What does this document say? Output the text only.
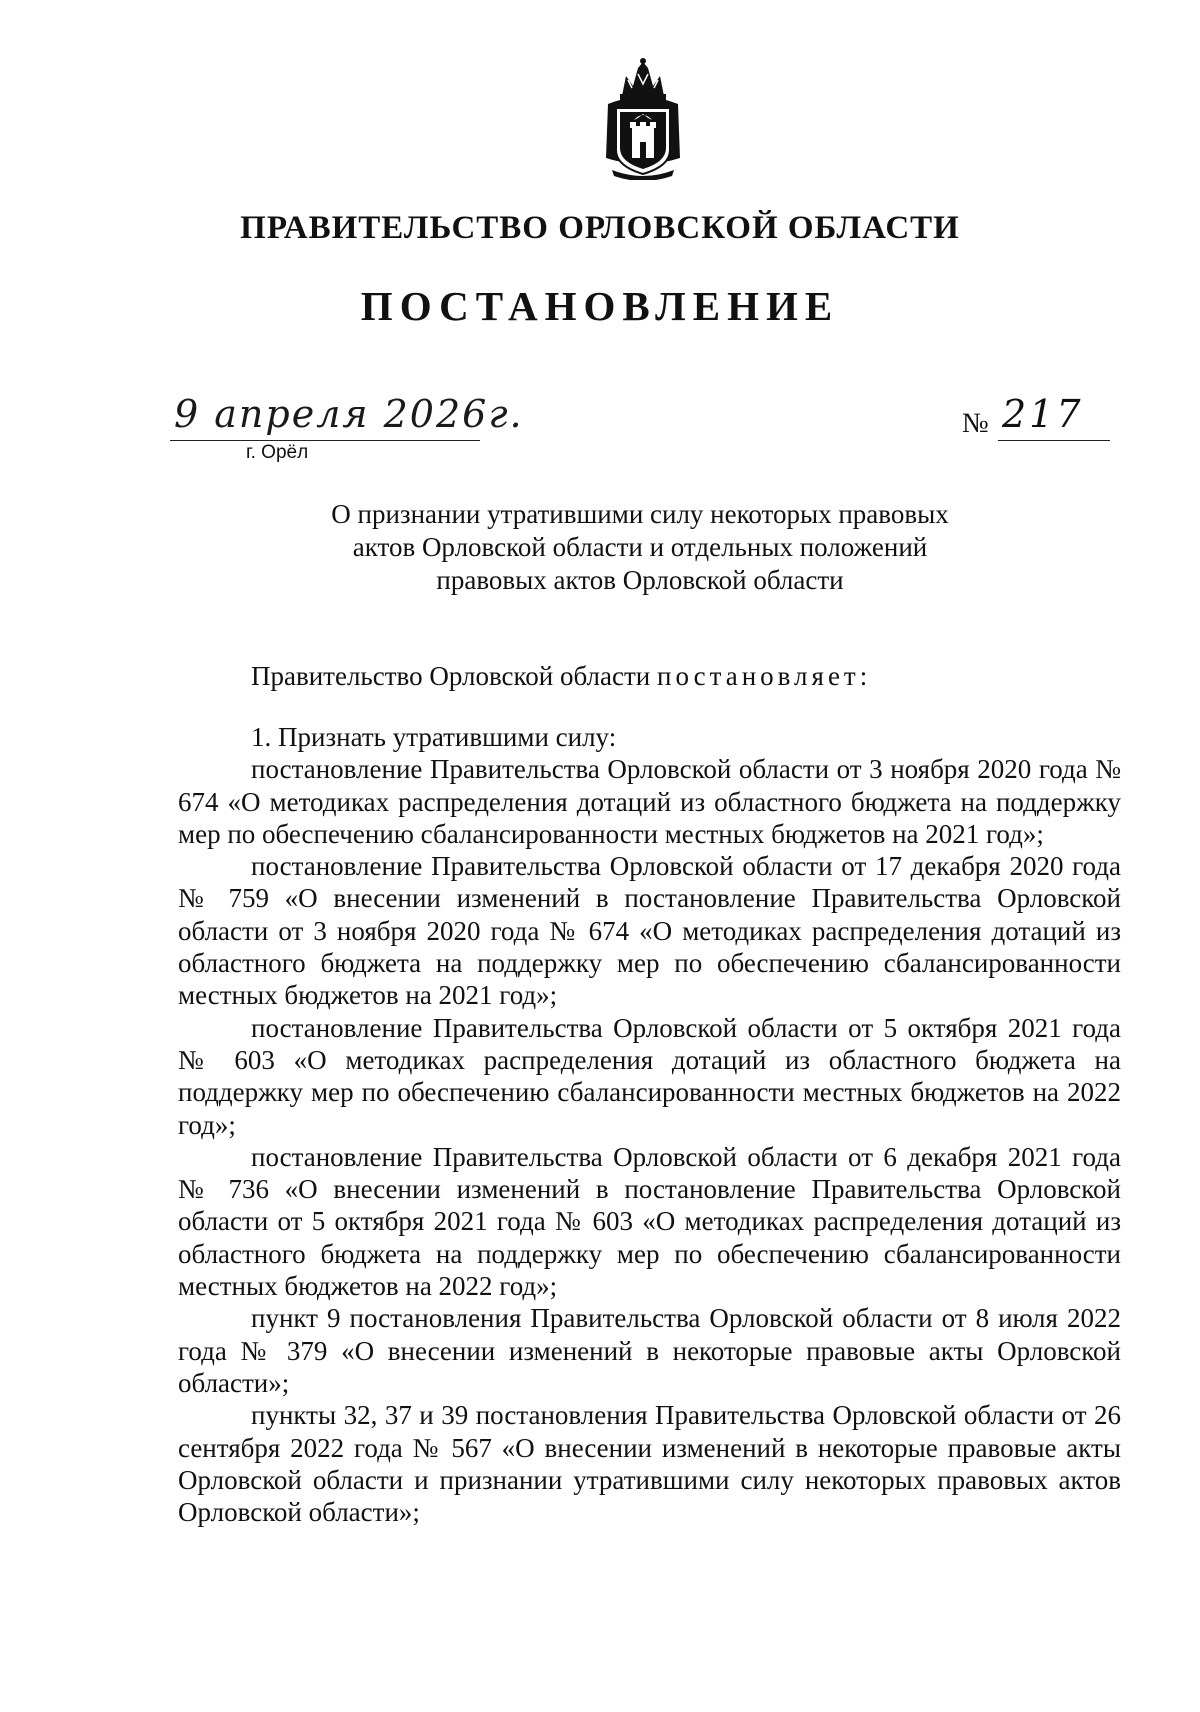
ПРАВИТЕЛЬСТВО ОРЛОВСКОЙ ОБЛАСТИ
ПОСТАНОВЛЕНИЕ
9 апреля 2026г.
г. Орёл
№ 217
О признании утратившими силу некоторых правовых
актов Орловской области и отдельных положений
правовых актов Орловской области
Правительство Орловской области постановляет:

1. Признать утратившими силу:

постановление Правительства Орловской области от 3 ноября 2020 года № 674 «О методиках распределения дотаций из областного бюджета на поддержку мер по обеспечению сбалансированности местных бюджетов на 2021 год»;

постановление Правительства Орловской области от 17 декабря 2020 года № 759 «О внесении изменений в постановление Правительства Орловской области от 3 ноября 2020 года № 674 «О методиках распределения дотаций из областного бюджета на поддержку мер по обеспечению сбалансированности местных бюджетов на 2021 год»;

постановление Правительства Орловской области от 5 октября 2021 года № 603 «О методиках распределения дотаций из областного бюджета на поддержку мер по обеспечению сбалансированности местных бюджетов на 2022 год»;

постановление Правительства Орловской области от 6 декабря 2021 года № 736 «О внесении изменений в постановление Правительства Орловской области от 5 октября 2021 года № 603 «О методиках распределения дотаций из областного бюджета на поддержку мер по обеспечению сбалансированности местных бюджетов на 2022 год»;

пункт 9 постановления Правительства Орловской области от 8 июля 2022 года № 379 «О внесении изменений в некоторые правовые акты Орловской области»;

пункты 32, 37 и 39 постановления Правительства Орловской области от 26 сентября 2022 года № 567 «О внесении изменений в некоторые правовые акты Орловской области и признании утратившими силу некоторых правовых актов Орловской области»;
